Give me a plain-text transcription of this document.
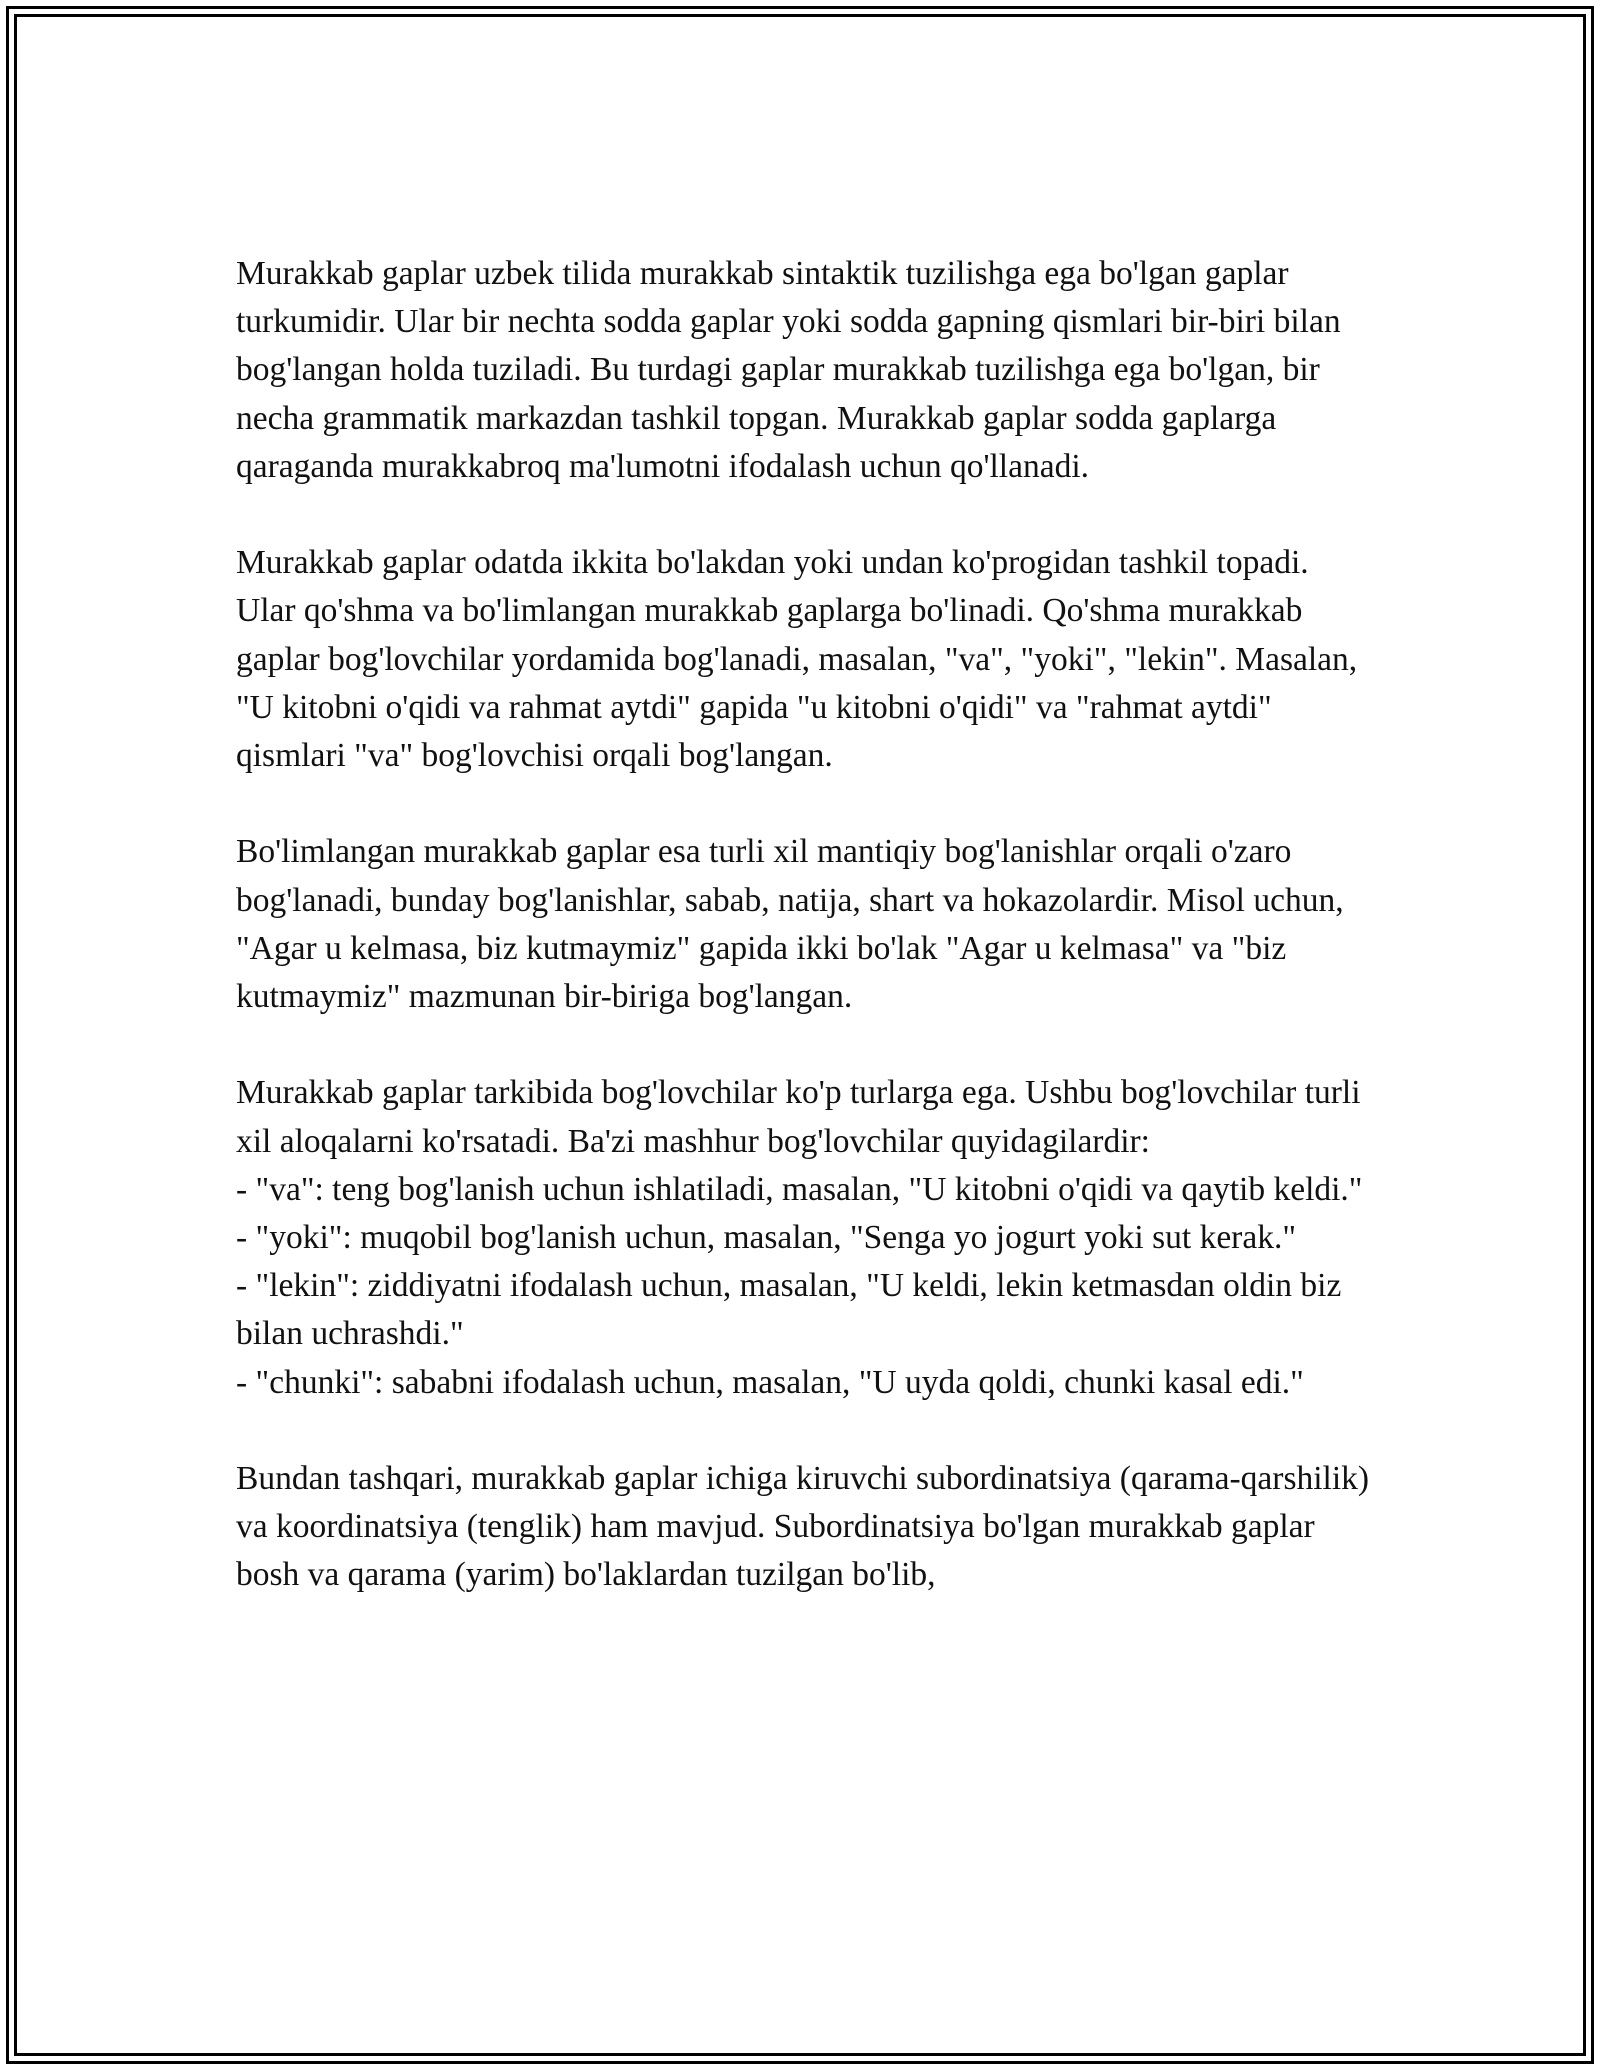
Murakkab gaplar uzbek tilida murakkab sintaktik tuzilishga ega bo'lgan gaplar turkumidir. Ular bir nechta sodda gaplar yoki sodda gapning qismlari bir-biri bilan bog'langan holda tuziladi. Bu turdagi gaplar murakkab tuzilishga ega bo'lgan, bir necha grammatik markazdan tashkil topgan. Murakkab gaplar sodda gaplarga qaraganda murakkabroq ma'lumotni ifodalash uchun qo'llanadi.

Murakkab gaplar odatda ikkita bo'lakdan yoki undan ko'progidan tashkil topadi. Ular qo'shma va bo'limlangan murakkab gaplarga bo'linadi. Qo'shma murakkab gaplar bog'lovchilar yordamida bog'lanadi, masalan, "va", "yoki", "lekin". Masalan, "U kitobni o'qidi va rahmat aytdi" gapida "u kitobni o'qidi" va "rahmat aytdi" qismlari "va" bog'lovchisi orqali bog'langan.

Bo'limlangan murakkab gaplar esa turli xil mantiqiy bog'lanishlar orqali o'zaro bog'lanadi, bunday bog'lanishlar, sabab, natija, shart va hokazolardir. Misol uchun, "Agar u kelmasa, biz kutmaymiz" gapida ikki bo'lak "Agar u kelmasa" va "biz kutmaymiz" mazmunan bir-biriga bog'langan.

Murakkab gaplar tarkibida bog'lovchilar ko'p turlarga ega. Ushbu bog'lovchilar turli xil aloqalarni ko'rsatadi. Ba'zi mashhur bog'lovchilar quyidagilardir:
- "va": teng bog'lanish uchun ishlatiladi, masalan, "U kitobni o'qidi va qaytib keldi."
- "yoki": muqobil bog'lanish uchun, masalan, "Senga yo jogurt yoki sut kerak."
- "lekin": ziddiyatni ifodalash uchun, masalan, "U keldi, lekin ketmasdan oldin biz bilan uchrashdi."
- "chunki": sababni ifodalash uchun, masalan, "U uyda qoldi, chunki kasal edi."

Bundan tashqari, murakkab gaplar ichiga kiruvchi subordinatsiya (qarama-qarshilik) va koordinatsiya (tenglik) ham mavjud. Subordinatsiya bo'lgan murakkab gaplar bosh va qarama (yarim) bo'laklardan tuzilgan bo'lib,
